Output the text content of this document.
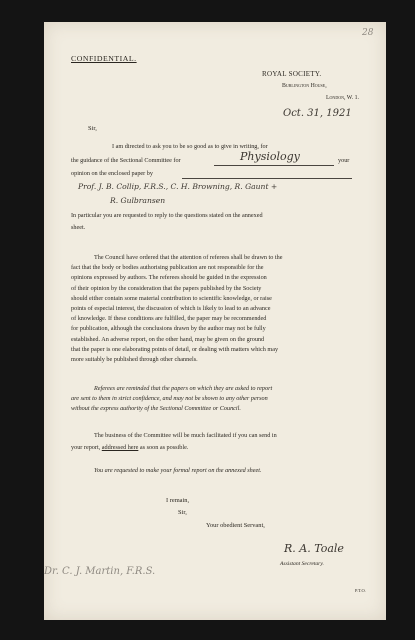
28
CONFIDENTIAL.
ROYAL SOCIETY.
Burlington House,
London, W. 1.
Oct. 31, 1921
Sir,
I am directed to ask you to be so good as to give in writing, for
the guidance of the Sectional Committee for	Physiology	your
opinion on the enclosed paper by
Prof. J. B. Collip, F.R.S., C. H. Browning, R. Gaunt +
R. Gulbransen
In particular you are requested to reply to the questions stated on the annexed
sheet.
The Council have ordered that the attention of referees shall be drawn to the
fact that the body or bodies authorising publication are not responsible for the
opinions expressed by authors. The referees should be guided in the expression
of their opinion by the consideration that the papers published by the Society
should either contain some material contribution to scientific knowledge, or raise
points of especial interest, the discussion of which is likely to lead to an advance
of knowledge. If these conditions are fulfilled, the paper may be recommended
for publication, although the conclusions drawn by the author may not be fully
established. An adverse report, on the other hand, may be given on the ground
that the paper is one elaborating points of detail, or dealing with matters which may
more suitably be published through other channels.
Referees are reminded that the papers on which they are asked to report
are sent to them in strict confidence, and may not be shown to any other person
without the express authority of the Sectional Committee or Council.
The business of the Committee will be much facilitated if you can send in
your report, addressed here as soon as possible.
You are requested to make your formal report on the annexed sheet.
I remain,
Sir,
Your obedient Servant,
R. A. Toale
Assistant Secretary.
Dr. C. J. Martin, F.R.S.
P.T.O.
